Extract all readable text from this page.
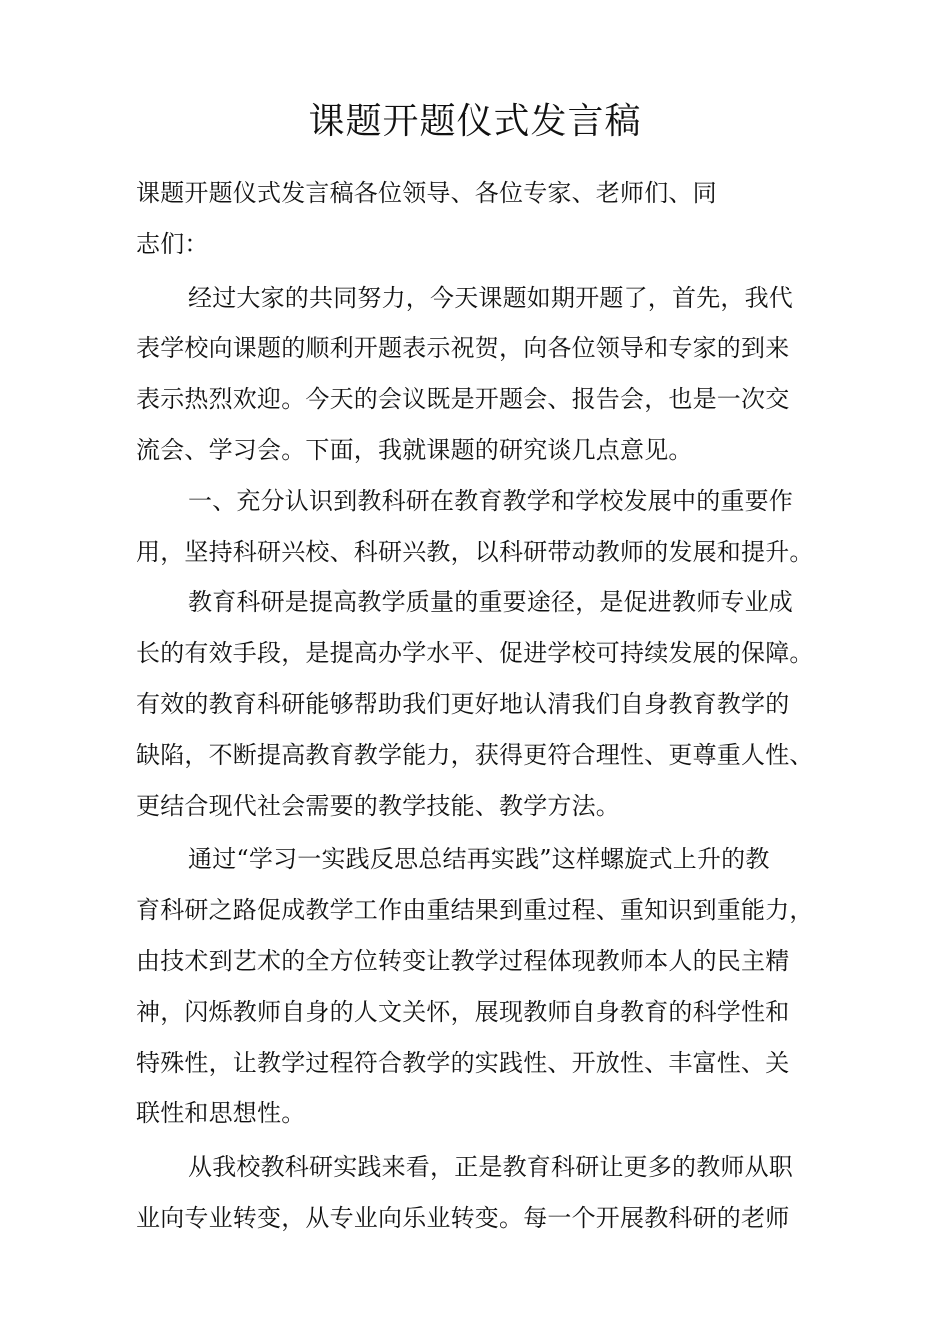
课题开题仪式发言稿

课题开题仪式发言稿各位领导、各位专家、老师们、同

志们：

经过大家的共同努力，今天课题如期开题了，首先，我代

表学校向课题的顺利开题表示祝贺，向各位领导和专家的到来

表示热烈欢迎。今天的会议既是开题会、报告会，也是一次交

流会、学习会。下面，我就课题的研究谈几点意见。

一、充分认识到教科研在教育教学和学校发展中的重要作

用，坚持科研兴校、科研兴教，以科研带动教师的发展和提升。

教育科研是提高教学质量的重要途径，是促进教师专业成

长的有效手段，是提高办学水平、促进学校可持续发展的保障。

有效的教育科研能够帮助我们更好地认清我们自身教育教学的

缺陷，不断提高教育教学能力，获得更符合理性、更尊重人性、

更结合现代社会需要的教学技能、教学方法。

通过“学习一实践反思总结再实践”这样螺旋式上升的教

育科研之路促成教学工作由重结果到重过程、重知识到重能力，

由技术到艺术的全方位转变让教学过程体现教师本人的民主精

神，闪烁教师自身的人文关怀，展现教师自身教育的科学性和

特殊性，让教学过程符合教学的实践性、开放性、丰富性、关

联性和思想性。

从我校教科研实践来看，正是教育科研让更多的教师从职

业向专业转变，从专业向乐业转变。每一个开展教科研的老师
